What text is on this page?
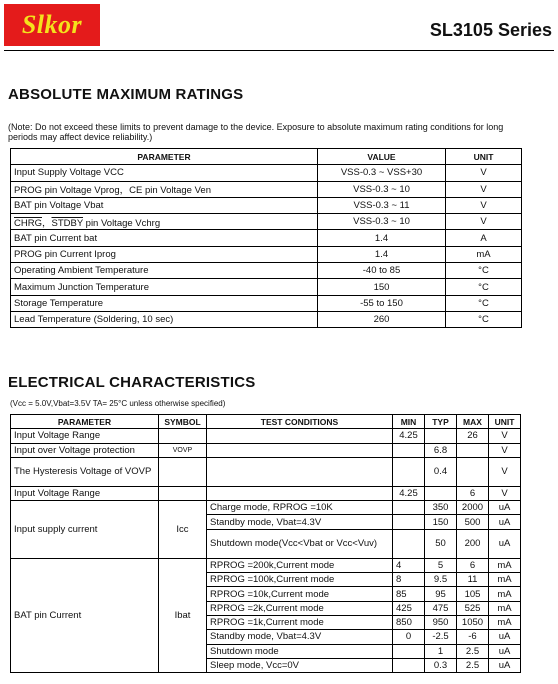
Slkor	SL3105 Series
ABSOLUTE MAXIMUM RATINGS
(Note: Do not exceed these limits to prevent damage to the device. Exposure to absolute maximum rating conditions for long periods may affect device reliability.)
PARAMETER	VALUE	UNIT
Input Supply Voltage VCC	VSS-0.3 ~ VSS+30	V
PROG pin Voltage Vprog，CE pin Voltage Ven	VSS-0.3 ~ 10	V
BAT pin Voltage Vbat	VSS-0.3 ~ 11	V
CHRG，STDBY pin Voltage Vchrg	VSS-0.3 ~ 10	V
BAT pin Current bat	1.4	A
PROG pin Current Iprog	1.4	mA
Operating Ambient Temperature	-40 to 85	°C
Maximum Junction Temperature	150	°C
Storage Temperature	-55 to 150	°C
Lead Temperature (Soldering, 10 sec)	260	°C
ELECTRICAL CHARACTERISTICS
(Vcc = 5.0V,Vbat=3.5V TA= 25°C unless otherwise specified)
PARAMETER	SYMBOL	TEST CONDITIONS	MIN	TYP	MAX	UNIT
Input Voltage Range			4.25		26	V
Input over Voltage protection	VOVP			6.8		V
The Hysteresis Voltage of VOVP				0.4		V
Input Voltage Range			4.25		6	V
Input supply current	Icc	Charge mode, RPROG =10K		350	2000	uA
		Standby mode, Vbat=4.3V		150	500	uA
		Shutdown mode(Vcc<Vbat or Vcc<Vuv)		50	200	uA
BAT pin Current	Ibat	RPROG =200k,Current mode	4	5	6	mA
		RPROG =100k,Current mode	8	9.5	11	mA
		RPROG =10k,Current mode	85	95	105	mA
		RPROG =2k,Current mode	425	475	525	mA
		RPROG =1k,Current mode	850	950	1050	mA
		Standby mode, Vbat=4.3V	0	-2.5	-6	uA
		Shutdown mode		1	2.5	uA
		Sleep mode, Vcc=0V		0.3	2.5	uA
